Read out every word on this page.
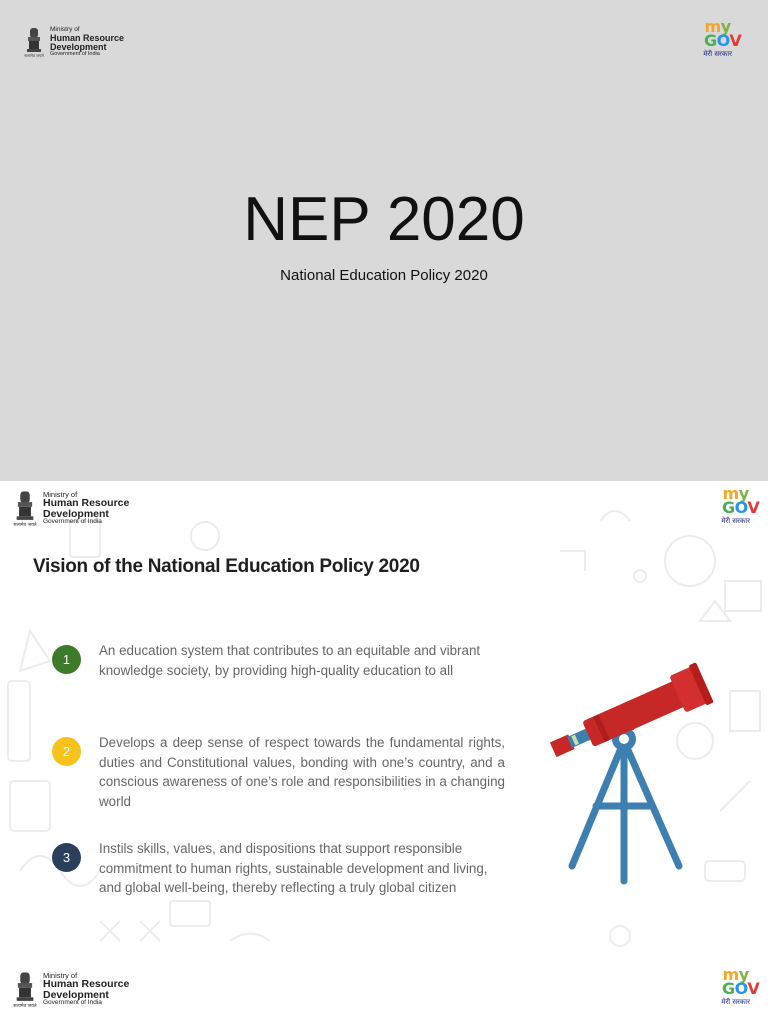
सत्यमेव जयते
Ministry of
Human Resource
Development
Government of India
my
GOV
मेरी सरकार
NEP 2020
National Education Policy 2020
सत्यमेव जयते
Ministry of
Human Resource
Development
Government of India
my
GOV
मेरी सरकार
Vision of the National Education Policy 2020
1

An education system that contributes to an equitable and vibrant knowledge society, by providing high-quality education to all

2

Develops a deep sense of respect towards the fundamental rights, duties and Constitutional values, bonding with one’s country, and a conscious awareness of one’s role and responsibilities in a changing world

3

Instils skills, values, and dispositions that support responsible commitment to human rights, sustainable development and living, and global well-being, thereby reflecting a truly global citizen

सत्यमेव जयते
Ministry of
Human Resource
Development
Government of India
my
GOV
मेरी सरकार
